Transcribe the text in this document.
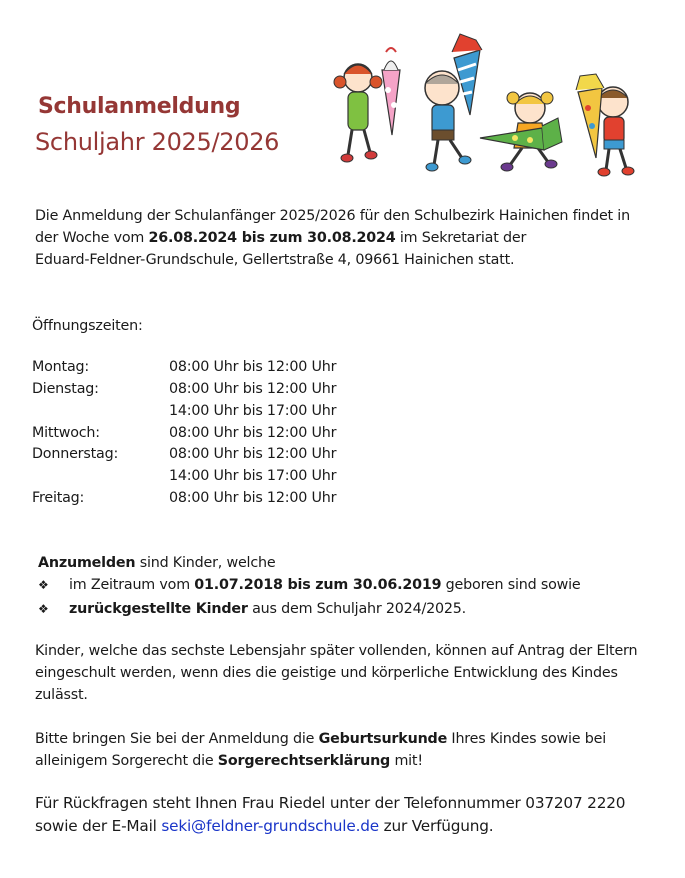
Schulanmeldung
Schuljahr 2025/2026
Die Anmeldung der Schulanfänger 2025/2026 für den Schulbezirk Hainichen findet in
der Woche vom 26.08.2024 bis zum 30.08.2024 im Sekretariat der
Eduard-Feldner-Grundschule, Gellertstraße 4, 09661 Hainichen statt.
Öffnungszeiten:
Montag:	08:00 Uhr bis 12:00 Uhr
Dienstag:	08:00 Uhr bis 12:00 Uhr
14:00 Uhr bis 17:00 Uhr
Mittwoch:	08:00 Uhr bis 12:00 Uhr
Donnerstag:	08:00 Uhr bis 12:00 Uhr
14:00 Uhr bis 17:00 Uhr
Freitag:	08:00 Uhr bis 12:00 Uhr
Anzumelden sind Kinder, welche
❖ im Zeitraum vom 01.07.2018 bis zum 30.06.2019 geboren sind sowie
❖ zurückgestellte Kinder aus dem Schuljahr 2024/2025.
Kinder, welche das sechste Lebensjahr später vollenden, können auf Antrag der Eltern
eingeschult werden, wenn dies die geistige und körperliche Entwicklung des Kindes
zulässt.
Bitte bringen Sie bei der Anmeldung die Geburtsurkunde Ihres Kindes sowie bei
alleinigem Sorgerecht die Sorgerechtserklärung mit!
Für Rückfragen steht Ihnen Frau Riedel unter der Telefonnummer 037207 2220
sowie der E-Mail seki@feldner-grundschule.de zur Verfügung.
